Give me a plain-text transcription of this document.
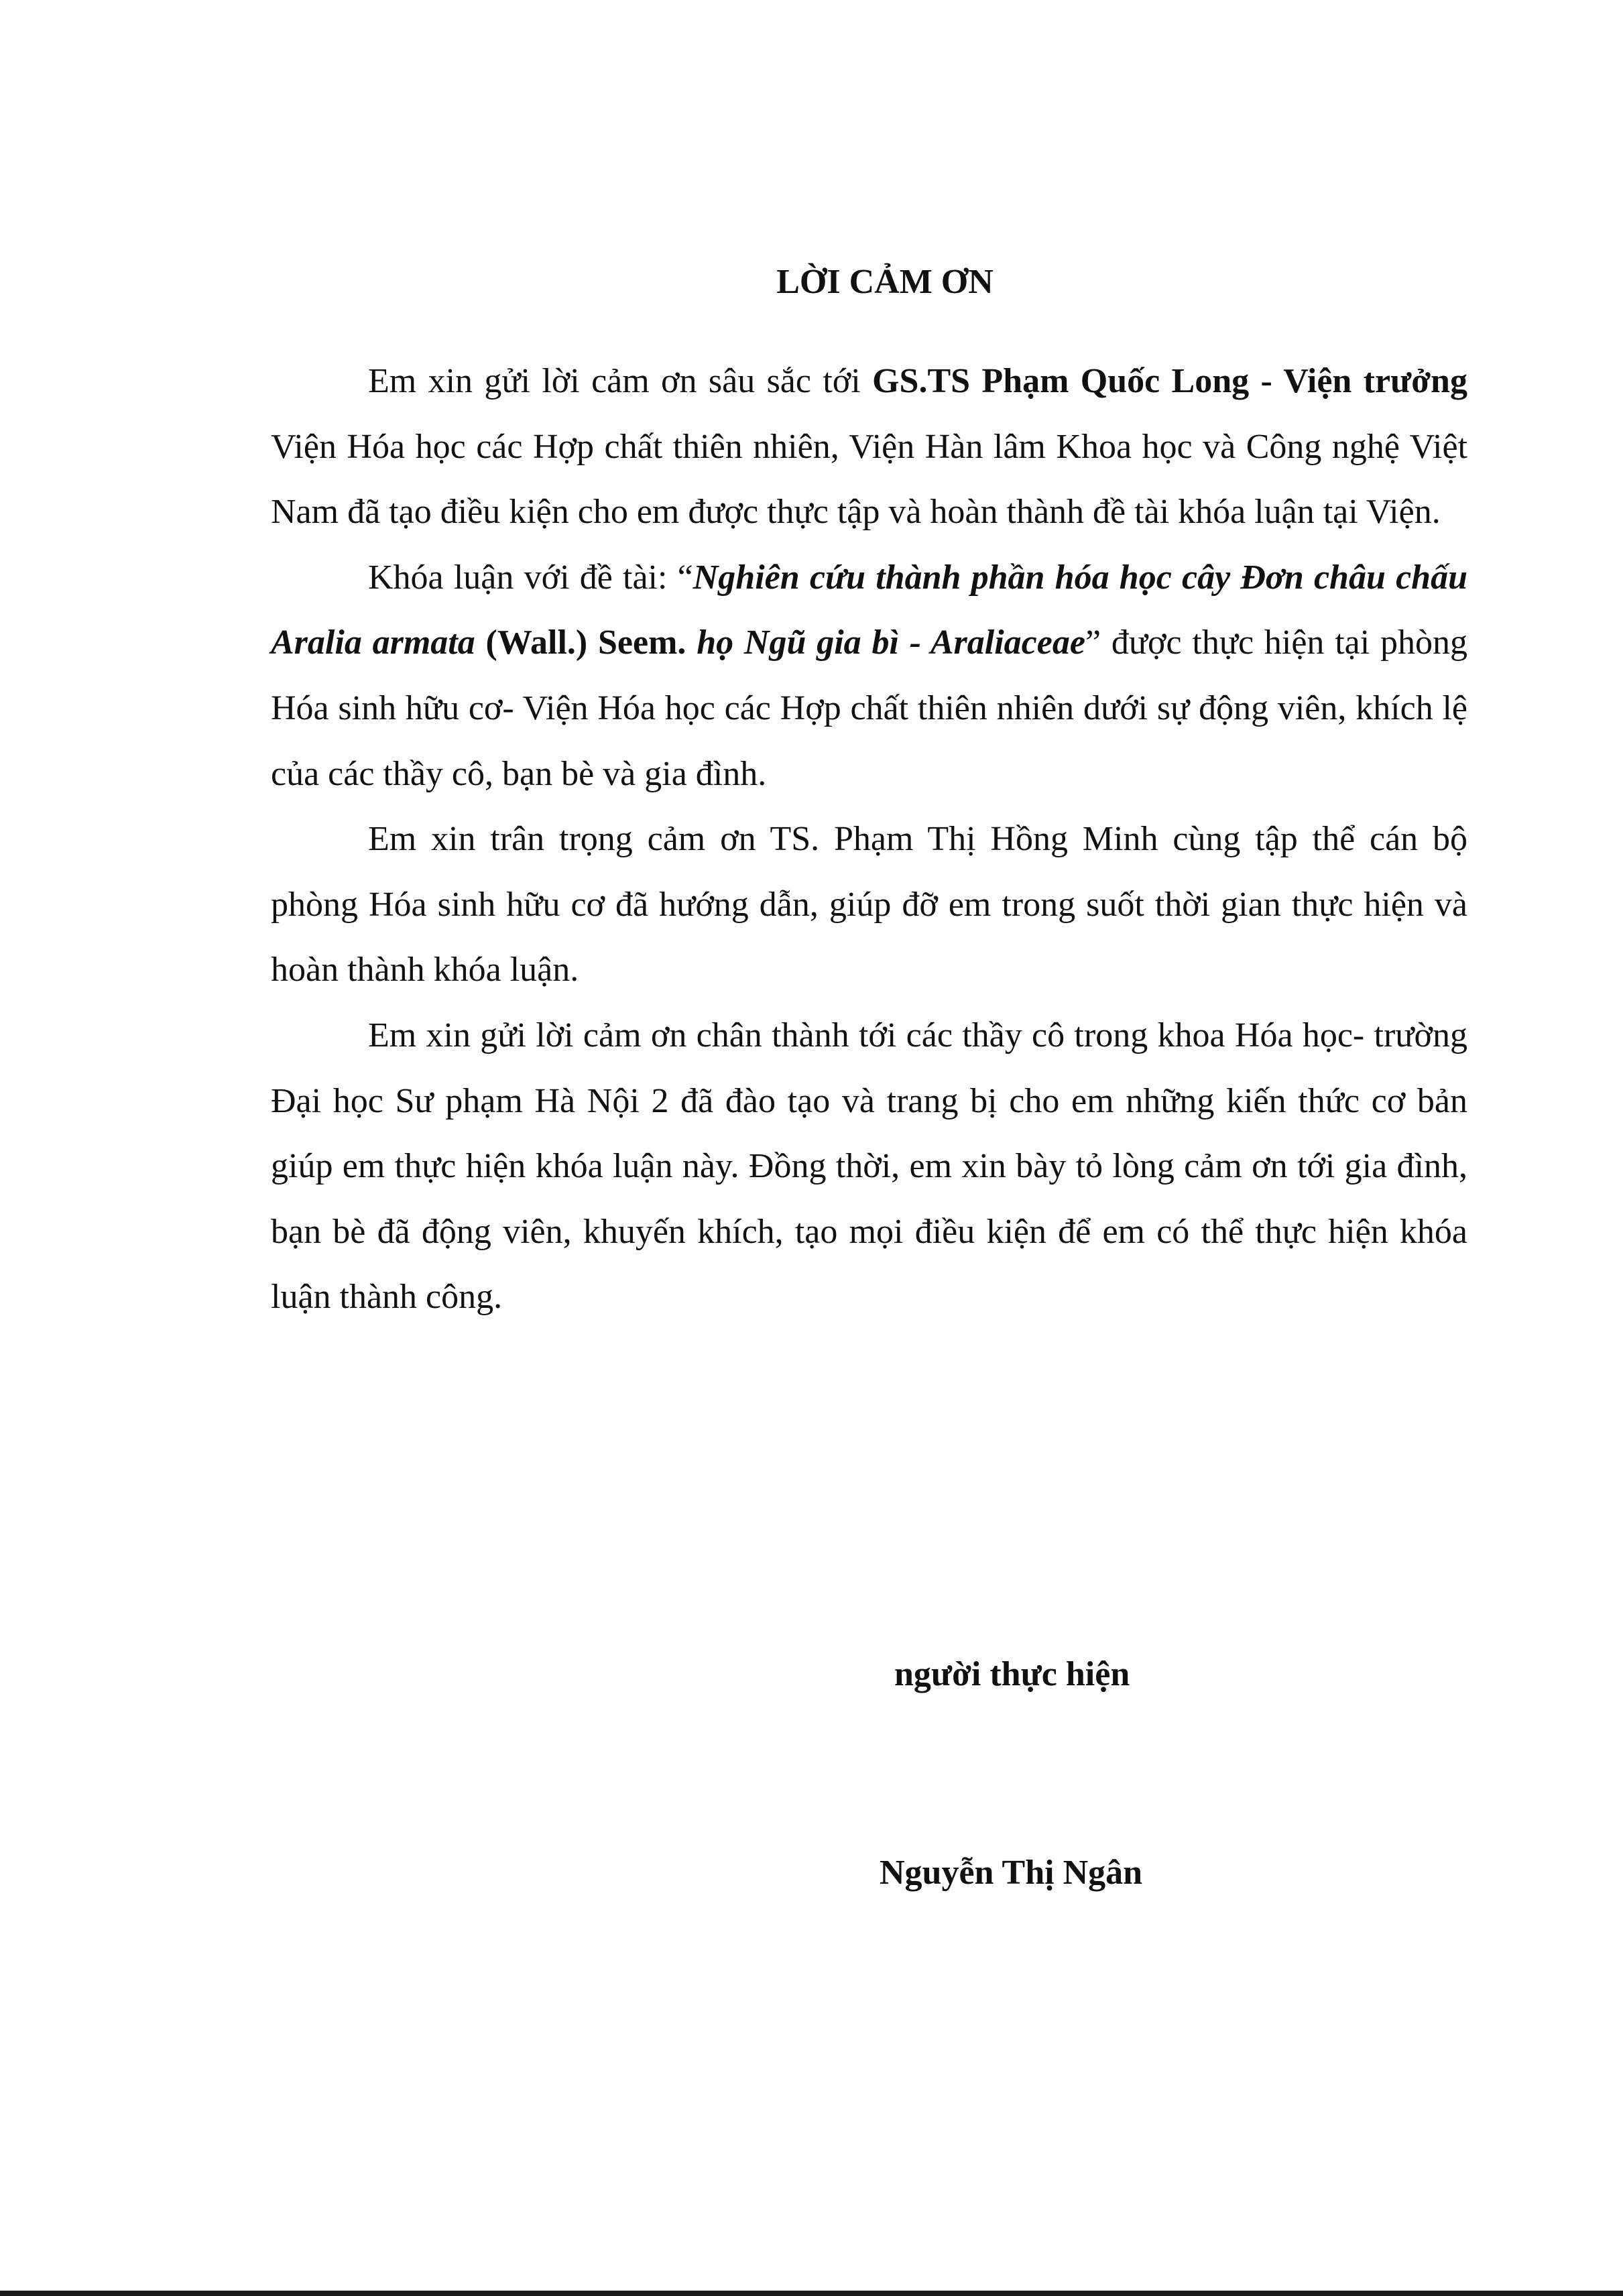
LỜI CẢM ƠN

Em xin gửi lời cảm ơn sâu sắc tới GS.TS Phạm Quốc Long - Viện trưởng Viện Hóa học các Hợp chất thiên nhiên, Viện Hàn lâm Khoa học và Công nghệ Việt Nam đã tạo điều kiện cho em được thực tập và hoàn thành đề tài khóa luận tại Viện.

Khóa luận với đề tài: “Nghiên cứu thành phần hóa học cây Đơn châu chấu Aralia armata (Wall.) Seem. họ Ngũ gia bì - Araliaceae” được thực hiện tại phòng Hóa sinh hữu cơ- Viện Hóa học các Hợp chất thiên nhiên dưới sự động viên, khích lệ của các thầy cô, bạn bè và gia đình.

Em xin trân trọng cảm ơn TS. Phạm Thị Hồng Minh cùng tập thể cán bộ phòng Hóa sinh hữu cơ đã hướng dẫn, giúp đỡ em trong suốt thời gian thực hiện và hoàn thành khóa luận.

Em xin gửi lời cảm ơn chân thành tới các thầy cô trong khoa Hóa học- trường Đại học Sư phạm Hà Nội 2 đã đào tạo và trang bị cho em những kiến thức cơ bản giúp em thực hiện khóa luận này. Đồng thời, em xin bày tỏ lòng cảm ơn tới gia đình, bạn bè đã động viên, khuyến khích, tạo mọi điều kiện để em có thể thực hiện khóa luận thành công.

người thực hiện
Nguyễn Thị Ngân
